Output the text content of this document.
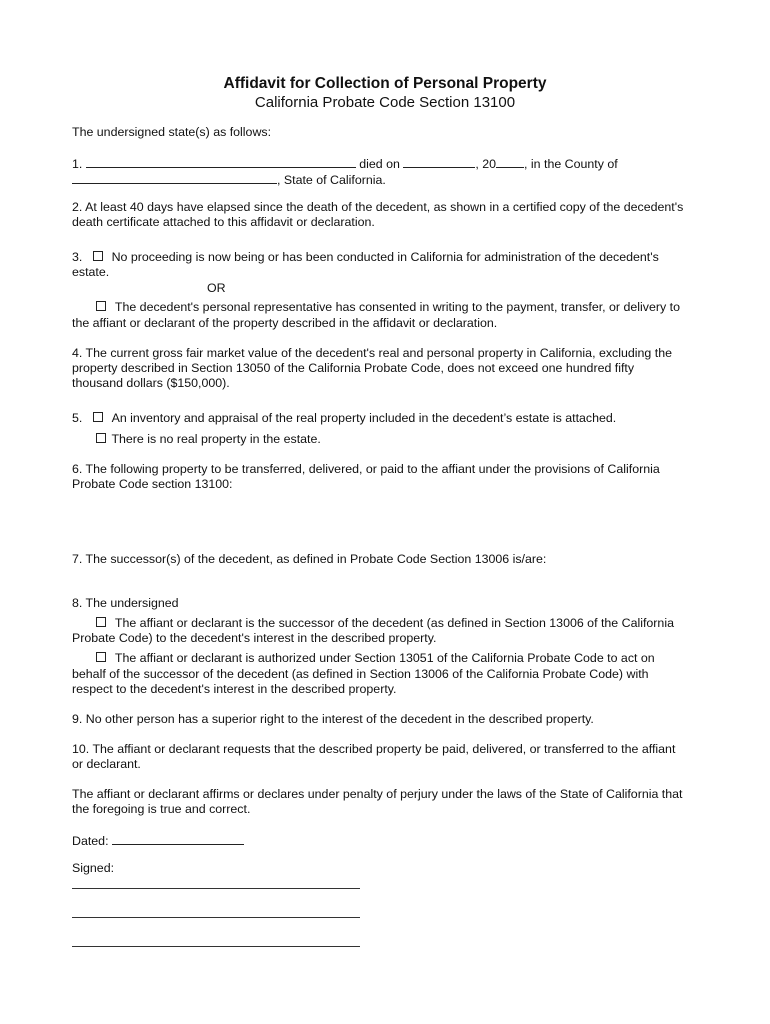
Affidavit for Collection of Personal Property
California Probate Code Section 13100
The undersigned state(s) as follows:
1.	died on	, 20 , in the County of
, State of California.
2. At least 40 days have elapsed since the death of the decedent, as shown in a certified copy of the decedent's
death certificate attached to this affidavit or declaration.
3. No proceeding is now being or has been conducted in California for administration of the decedent's
estate.
OR
The decedent's personal representative has consented in writing to the payment, transfer, or delivery to
the affiant or declarant of the property described in the affidavit or declaration.
4. The current gross fair market value of the decedent's real and personal property in California, excluding the
property described in Section 13050 of the California Probate Code, does not exceed one hundred fifty
thousand dollars ($150,000).
5. An inventory and appraisal of the real property included in the decedent’s estate is attached.
There is no real property in the estate.
6. The following property to be transferred, delivered, or paid to the affiant under the provisions of California
Probate Code section 13100:
7. The successor(s) of the decedent, as defined in Probate Code Section 13006 is/are:
8. The undersigned
The affiant or declarant is the successor of the decedent (as defined in Section 13006 of the California
Probate Code) to the decedent's interest in the described property.
The affiant or declarant is authorized under Section 13051 of the California Probate Code to act on
behalf of the successor of the decedent (as defined in Section 13006 of the California Probate Code) with
respect to the decedent's interest in the described property.
9. No other person has a superior right to the interest of the decedent in the described property.
10. The affiant or declarant requests that the described property be paid, delivered, or transferred to the affiant
or declarant.
The affiant or declarant affirms or declares under penalty of perjury under the laws of the State of California that
the foregoing is true and correct.
Dated:
Signed:
